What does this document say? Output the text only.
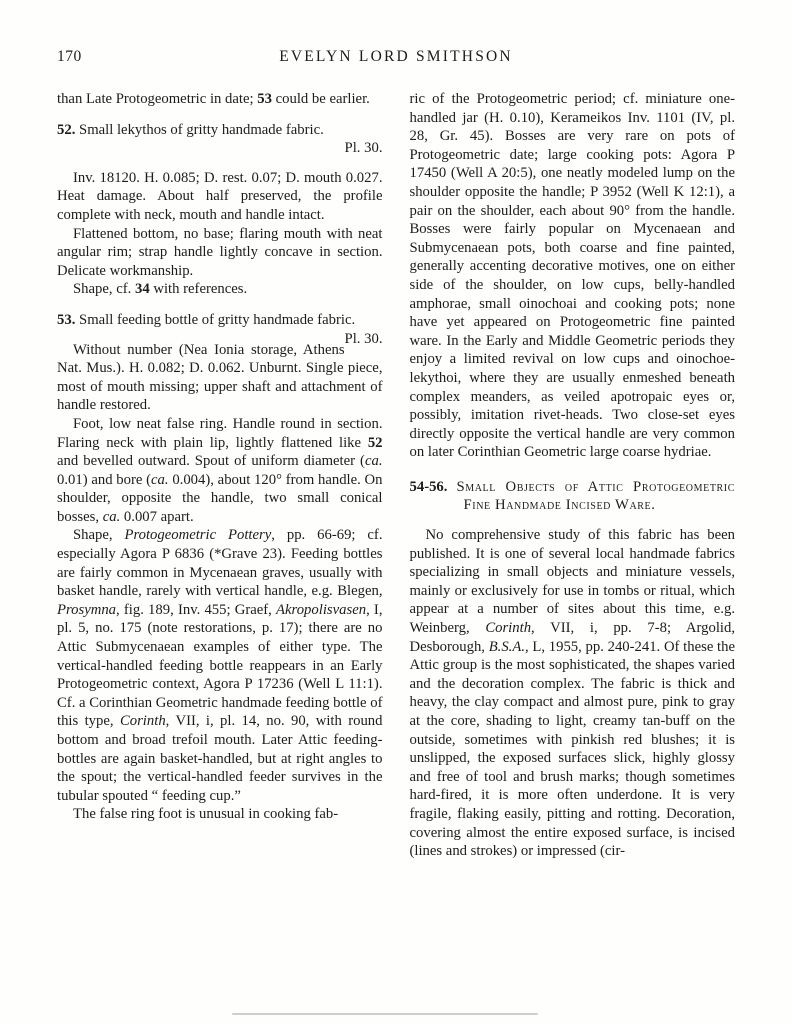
170	EVELYN LORD SMITHSON
than Late Protogeometric in date; 53 could be earlier.
52. Small lekythos of gritty handmade fabric.
Pl. 30.
Inv. 18120. H. 0.085; D. rest. 0.07; D. mouth 0.027. Heat damage. About half preserved, the profile complete with neck, mouth and handle intact.
Flattened bottom, no base; flaring mouth with neat angular rim; strap handle lightly concave in section. Delicate workmanship.
Shape, cf. 34 with references.
53. Small feeding bottle of gritty handmade fabric.
Pl. 30.
Without number (Nea Ionia storage, Athens Nat. Mus.). H. 0.082; D. 0.062. Unburnt. Single piece, most of mouth missing; upper shaft and attachment of handle restored.
Foot, low neat false ring. Handle round in section. Flaring neck with plain lip, lightly flattened like 52 and bevelled outward. Spout of uniform diameter (ca. 0.01) and bore (ca. 0.004), about 120° from handle. On shoulder, opposite the handle, two small conical bosses, ca. 0.007 apart.
Shape, Protogeometric Pottery, pp. 66-69; cf. especially Agora P 6836 (*Grave 23). Feeding bottles are fairly common in Mycenaean graves, usually with basket handle, rarely with vertical handle, e.g. Blegen, Prosymna, fig. 189, Inv. 455; Graef, Akropolisvasen, I, pl. 5, no. 175 (note restorations, p. 17); there are no Attic Submycenaean examples of either type. The vertical-handled feeding bottle reappears in an Early Protogeometric context, Agora P 17236 (Well L 11:1). Cf. a Corinthian Geometric handmade feeding bottle of this type, Corinth, VII, i, pl. 14, no. 90, with round bottom and broad trefoil mouth. Later Attic feeding-bottles are again basket-handled, but at right angles to the spout; the vertical-handled feeder survives in the tubular spouted “ feeding cup.”
The false ring foot is unusual in cooking fab-
ric of the Protogeometric period; cf. miniature one-handled jar (H. 0.10), Kerameikos Inv. 1101 (IV, pl. 28, Gr. 45). Bosses are very rare on pots of Protogeometric date; large cooking pots: Agora P 17450 (Well A 20:5), one neatly modeled lump on the shoulder opposite the handle; P 3952 (Well K 12:1), a pair on the shoulder, each about 90° from the handle. Bosses were fairly popular on Mycenaean and Submycenaean pots, both coarse and fine painted, generally accenting decorative motives, one on either side of the shoulder, on low cups, belly-handled amphorae, small oinochoai and cooking pots; none have yet appeared on Protogeometric fine painted ware. In the Early and Middle Geometric periods they enjoy a limited revival on low cups and oinochoe-lekythoi, where they are usually enmeshed beneath complex meanders, as veiled apotropaic eyes or, possibly, imitation rivet-heads. Two close-set eyes directly opposite the vertical handle are very common on later Corinthian Geometric large coarse hydriae.
54-56. Small Objects of Attic Protogeometric Fine Handmade Incised Ware.
No comprehensive study of this fabric has been published. It is one of several local handmade fabrics specializing in small objects and miniature vessels, mainly or exclusively for use in tombs or ritual, which appear at a number of sites about this time, e.g. Weinberg, Corinth, VII, i, pp. 7-8; Argolid, Desborough, B.S.A., L, 1955, pp. 240-241. Of these the Attic group is the most sophisticated, the shapes varied and the decoration complex. The fabric is thick and heavy, the clay compact and almost pure, pink to gray at the core, shading to light, creamy tan-buff on the outside, sometimes with pinkish red blushes; it is unslipped, the exposed surfaces slick, highly glossy and free of tool and brush marks; though sometimes hard-fired, it is more often underdone. It is very fragile, flaking easily, pitting and rotting. Decoration, covering almost the entire exposed surface, is incised (lines and strokes) or impressed (cir-
